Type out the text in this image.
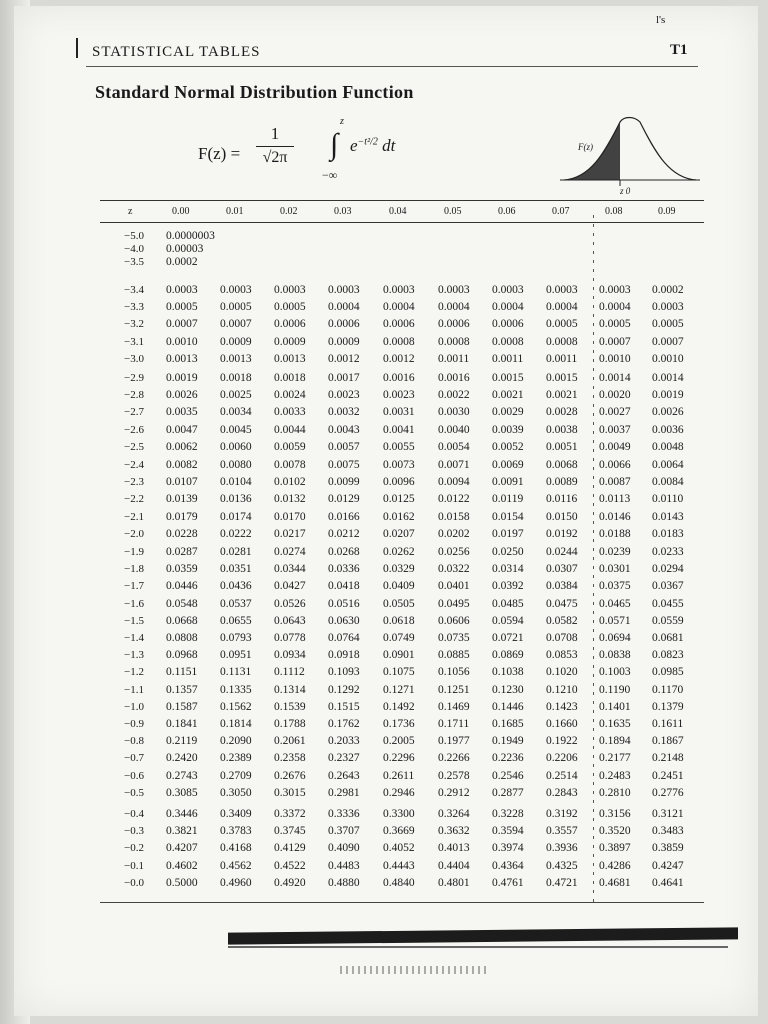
l's
STATISTICAL TABLES	T1
Standard Normal Distribution Function
F(z) =
1
√2π
z
∫
−∞
$e^{-t^2/2}$ dt	F(z)
z 0
z	0.00	0.01	0.02	0.03	0.04	0.05	0.06	0.07	0.08	0.09
−5.0 0.0000003
−4.0 0.00003
−3.5 0.0002
−3.4 0.0003 0.0003 0.0003 0.0003 0.0003 0.0003 0.0003 0.0003 0.0003 0.0002
−3.3 0.0005 0.0005 0.0005 0.0004 0.0004 0.0004 0.0004 0.0004 0.0004 0.0003
−3.2 0.0007 0.0007 0.0006 0.0006 0.0006 0.0006 0.0006 0.0005 0.0005 0.0005
−3.1 0.0010 0.0009 0.0009 0.0009 0.0008 0.0008 0.0008 0.0008 0.0007 0.0007
−3.0 0.0013 0.0013 0.0013 0.0012 0.0012 0.0011 0.0011 0.0011 0.0010 0.0010
−2.9 0.0019 0.0018 0.0018 0.0017 0.0016 0.0016 0.0015 0.0015 0.0014 0.0014
−2.8 0.0026 0.0025 0.0024 0.0023 0.0023 0.0022 0.0021 0.0021 0.0020 0.0019
−2.7 0.0035 0.0034 0.0033 0.0032 0.0031 0.0030 0.0029 0.0028 0.0027 0.0026
−2.6 0.0047 0.0045 0.0044 0.0043 0.0041 0.0040 0.0039 0.0038 0.0037 0.0036
−2.5 0.0062 0.0060 0.0059 0.0057 0.0055 0.0054 0.0052 0.0051 0.0049 0.0048
−2.4 0.0082 0.0080 0.0078 0.0075 0.0073 0.0071 0.0069 0.0068 0.0066 0.0064
−2.3 0.0107 0.0104 0.0102 0.0099 0.0096 0.0094 0.0091 0.0089 0.0087 0.0084
−2.2 0.0139 0.0136 0.0132 0.0129 0.0125 0.0122 0.0119 0.0116 0.0113 0.0110
−2.1 0.0179 0.0174 0.0170 0.0166 0.0162 0.0158 0.0154 0.0150 0.0146 0.0143
−2.0 0.0228 0.0222 0.0217 0.0212 0.0207 0.0202 0.0197 0.0192 0.0188 0.0183
−1.9 0.0287 0.0281 0.0274 0.0268 0.0262 0.0256 0.0250 0.0244 0.0239 0.0233
−1.8 0.0359 0.0351 0.0344 0.0336 0.0329 0.0322 0.0314 0.0307 0.0301 0.0294
−1.7 0.0446 0.0436 0.0427 0.0418 0.0409 0.0401 0.0392 0.0384 0.0375 0.0367
−1.6 0.0548 0.0537 0.0526 0.0516 0.0505 0.0495 0.0485 0.0475 0.0465 0.0455
−1.5 0.0668 0.0655 0.0643 0.0630 0.0618 0.0606 0.0594 0.0582 0.0571 0.0559
−1.4 0.0808 0.0793 0.0778 0.0764 0.0749 0.0735 0.0721 0.0708 0.0694 0.0681
−1.3 0.0968 0.0951 0.0934 0.0918 0.0901 0.0885 0.0869 0.0853 0.0838 0.0823
−1.2 0.1151 0.1131 0.1112 0.1093 0.1075 0.1056 0.1038 0.1020 0.1003 0.0985
−1.1 0.1357 0.1335 0.1314 0.1292 0.1271 0.1251 0.1230 0.1210 0.1190 0.1170
−1.0 0.1587 0.1562 0.1539 0.1515 0.1492 0.1469 0.1446 0.1423 0.1401 0.1379
−0.9 0.1841 0.1814 0.1788 0.1762 0.1736 0.1711 0.1685 0.1660 0.1635 0.1611
−0.8 0.2119 0.2090 0.2061 0.2033 0.2005 0.1977 0.1949 0.1922 0.1894 0.1867
−0.7 0.2420 0.2389 0.2358 0.2327 0.2296 0.2266 0.2236 0.2206 0.2177 0.2148
−0.6 0.2743 0.2709 0.2676 0.2643 0.2611 0.2578 0.2546 0.2514 0.2483 0.2451
−0.5 0.3085 0.3050 0.3015 0.2981 0.2946 0.2912 0.2877 0.2843 0.2810 0.2776
−0.4 0.3446 0.3409 0.3372 0.3336 0.3300 0.3264 0.3228 0.3192 0.3156 0.3121
−0.3 0.3821 0.3783 0.3745 0.3707 0.3669 0.3632 0.3594 0.3557 0.3520 0.3483
−0.2 0.4207 0.4168 0.4129 0.4090 0.4052 0.4013 0.3974 0.3936 0.3897 0.3859
−0.1 0.4602 0.4562 0.4522 0.4483 0.4443 0.4404 0.4364 0.4325 0.4286 0.4247
−0.0 0.5000 0.4960 0.4920 0.4880 0.4840 0.4801 0.4761 0.4721 0.4681 0.4641
